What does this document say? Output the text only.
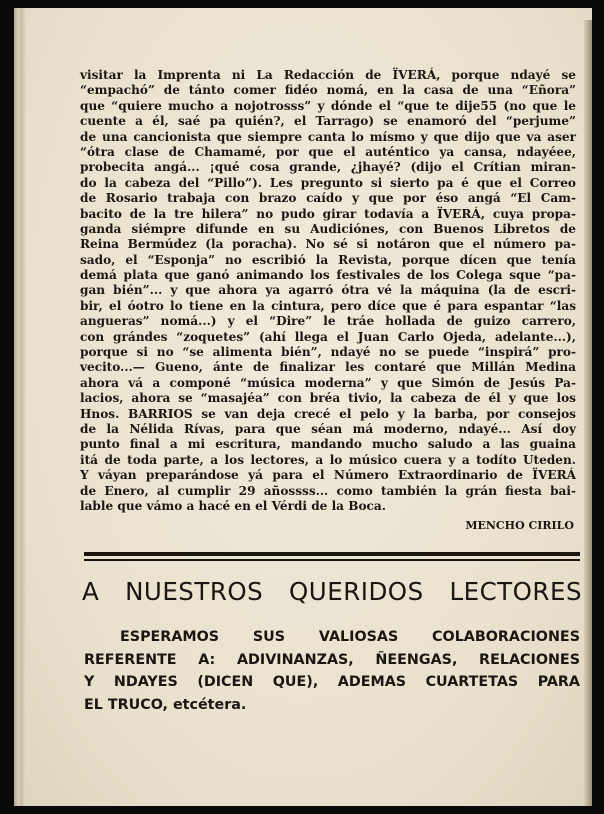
visitar la Imprenta ni La Redacción de ÏVERÁ, porque ndayé se
“empachó” de tánto comer fidéo nomá, en la casa de una “Eñora”
que “quiere mucho a nojotrosss” y dónde el “que te dije55 (no que le
cuente a él, saé pa quién?, el Tarrago) se enamoró del “perjume”
de una cancionista que siempre canta lo mísmo y que dijo que va aser
“ótra clase de Chamamé, por que el auténtico ya cansa, ndayéee,
probecita angá... ¡qué cosa grande, ¿jhayé? (dijo el Crítian miran-
do la cabeza del “Pillo”). Les pregunto si sierto pa é que el Correo
de Rosario trabaja con brazo caído y que por éso angá “El Cam-
bacito de la tre hilera” no pudo girar todavía a ÏVERÁ, cuya propa-
ganda siémpre difunde en su Audiciónes, con Buenos Libretos de
Reina Bermúdez (la poracha). No sé si notáron que el número pa-
sado, el “Esponja” no escribió la Revista, porque dícen que tenía
demá plata que ganó animando los festivales de los Colega sque “pa-
gan bién”... y que ahora ya agarró ótra vé la máquina (la de escri-
bir, el óotro lo tiene en la cintura, pero díce que é para espantar “las
angueras” nomá...) y el “Dire” le tráe hollada de guizo carrero,
con grándes “zoquetes” (ahí llega el Juan Carlo Ojeda, adelante...),
porque si no “se alimenta bién”, ndayé no se puede “inspirá” pro-
vecito...— Gueno, ánte de finalizar les contaré que Millán Medina
ahora vá a componé “música moderna” y que Simón de Jesús Pa-
lacios, ahora se “masajéa” con bréa tivio, la cabeza de él y que los
Hnos. BARRIOS se van deja crecé el pelo y la barba, por consejos
de la Nélida Rívas, para que séan má moderno, ndayé... Así doy
punto final a mi escritura, mandando mucho saludo a las guaina
itá de toda parte, a los lectores, a lo músico cuera y a todíto Uteden.
Y váyan preparándose yá para el Número Extraordinario de ÏVERÁ
de Enero, al cumplir 29 añossss... como también la grán fiesta bai-
lable que vámo a hacé en el Vérdi de la Boca.
MENCHO CIRILO
A NUESTROS QUERIDOS LECTORES
ESPERAMOS SUS VALIOSAS COLABORACIONES
REFERENTE A: ADIVINANZAS, ÑEENGAS, RELACIONES
Y NDAYES (DICEN QUE), ADEMAS CUARTETAS PARA
EL TRUCO, etcétera.
